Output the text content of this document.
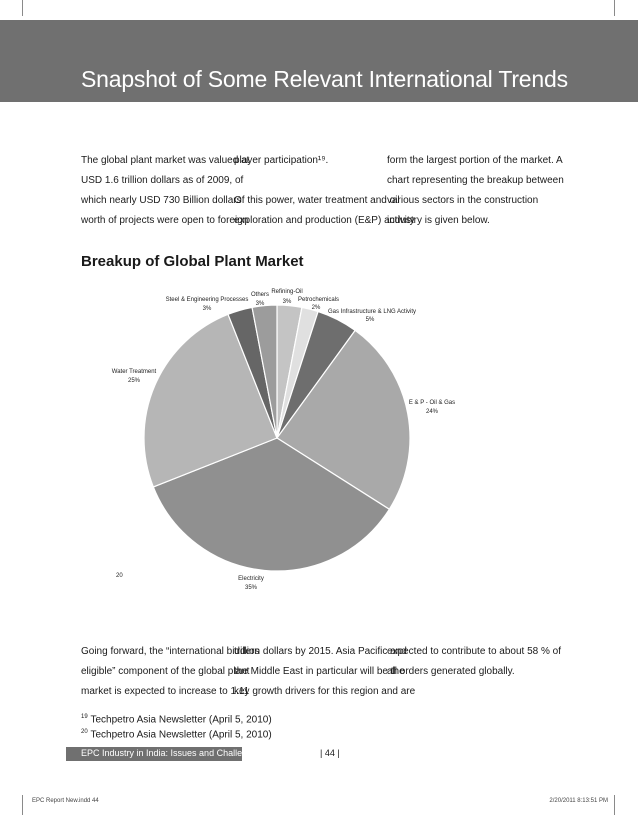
Snapshot of Some Relevant International Trends
The global plant market was valued at
USD 1.6 trillion dollars as of 2009, of
which nearly USD 730 Billion dollars
worth of projects were open to foreign
player participation¹⁹.

Of this power, water treatment and oil
exploration and production (E&P) activity
form the largest portion of the market. A
chart representing the breakup between
various sectors in the construction
industry is given below.
Breakup of Global Plant Market
Refining-Oil
3% Petrochemicals
2%
Gas Infrastructure & LNG Activity
5%
E & P - Oil & Gas
24%
Electricity
35%
Water Treatment
25%
Steel & Engineering Processes
3%
Others
3%
20
Going forward, the “international bidders
eligible” component of the global plant
market is expected to increase to 1.11
trillion dollars by 2015. Asia Pacific and
the Middle East in particular will be the
key growth drivers for this region and are
expected to contribute to about 58 % of
all orders generated globally.

$^{19}$ Techpetro Asia Newsletter (April 5, 2010)
$^{20}$ Techpetro Asia Newsletter (April 5, 2010)
EPC Industry in India: Issues and Challenges	| 44 |
EPC Report New.indd 44	2/20/2011 8:13:51 PM
